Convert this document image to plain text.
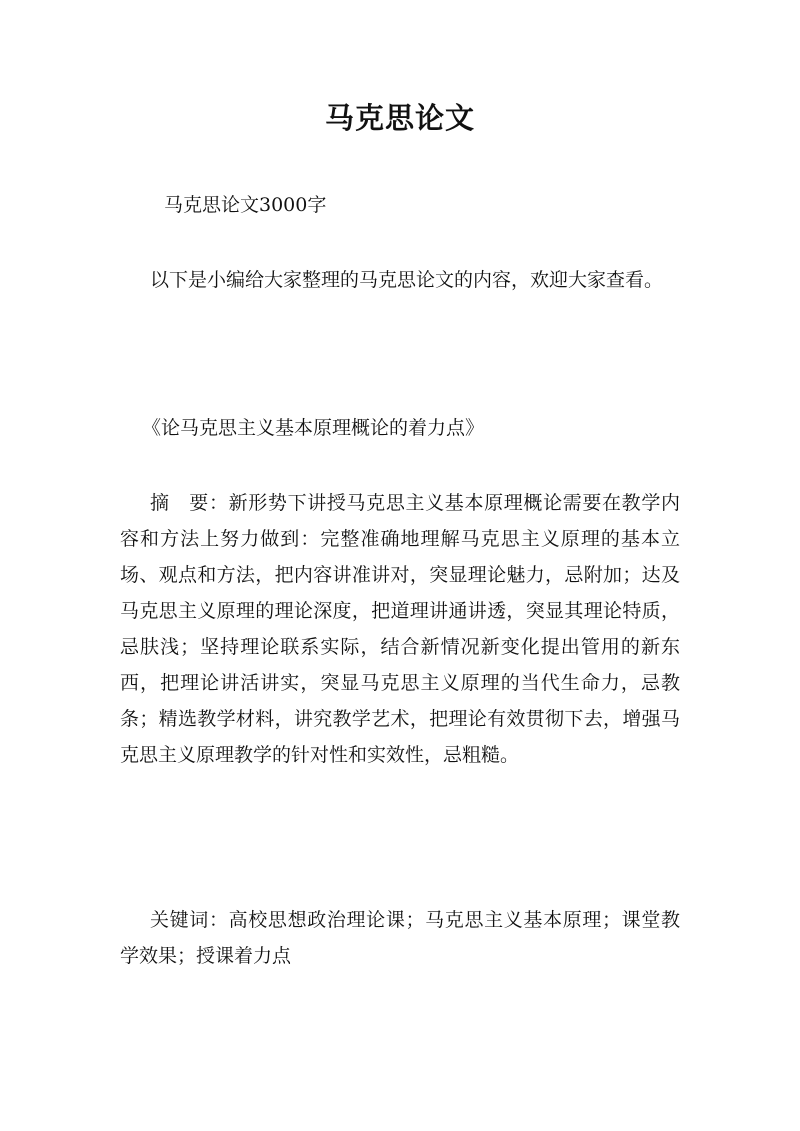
马克思论文
马克思论文3000字
以下是小编给大家整理的马克思论文的内容，欢迎大家查看。
《论马克思主义基本原理概论的着力点》
摘　要：新形势下讲授马克思主义基本原理概论需要在教学内容和方法上努力做到：完整准确地理解马克思主义原理的基本立场、观点和方法，把内容讲准讲对，突显理论魅力，忌附加；达及马克思主义原理的理论深度，把道理讲通讲透，突显其理论特质，忌肤浅；坚持理论联系实际，结合新情况新变化提出管用的新东西，把理论讲活讲实，突显马克思主义原理的当代生命力，忌教条；精选教学材料，讲究教学艺术，把理论有效贯彻下去，增强马克思主义原理教学的针对性和实效性，忌粗糙。
关键词：高校思想政治理论课；马克思主义基本原理；课堂教学效果；授课着力点
